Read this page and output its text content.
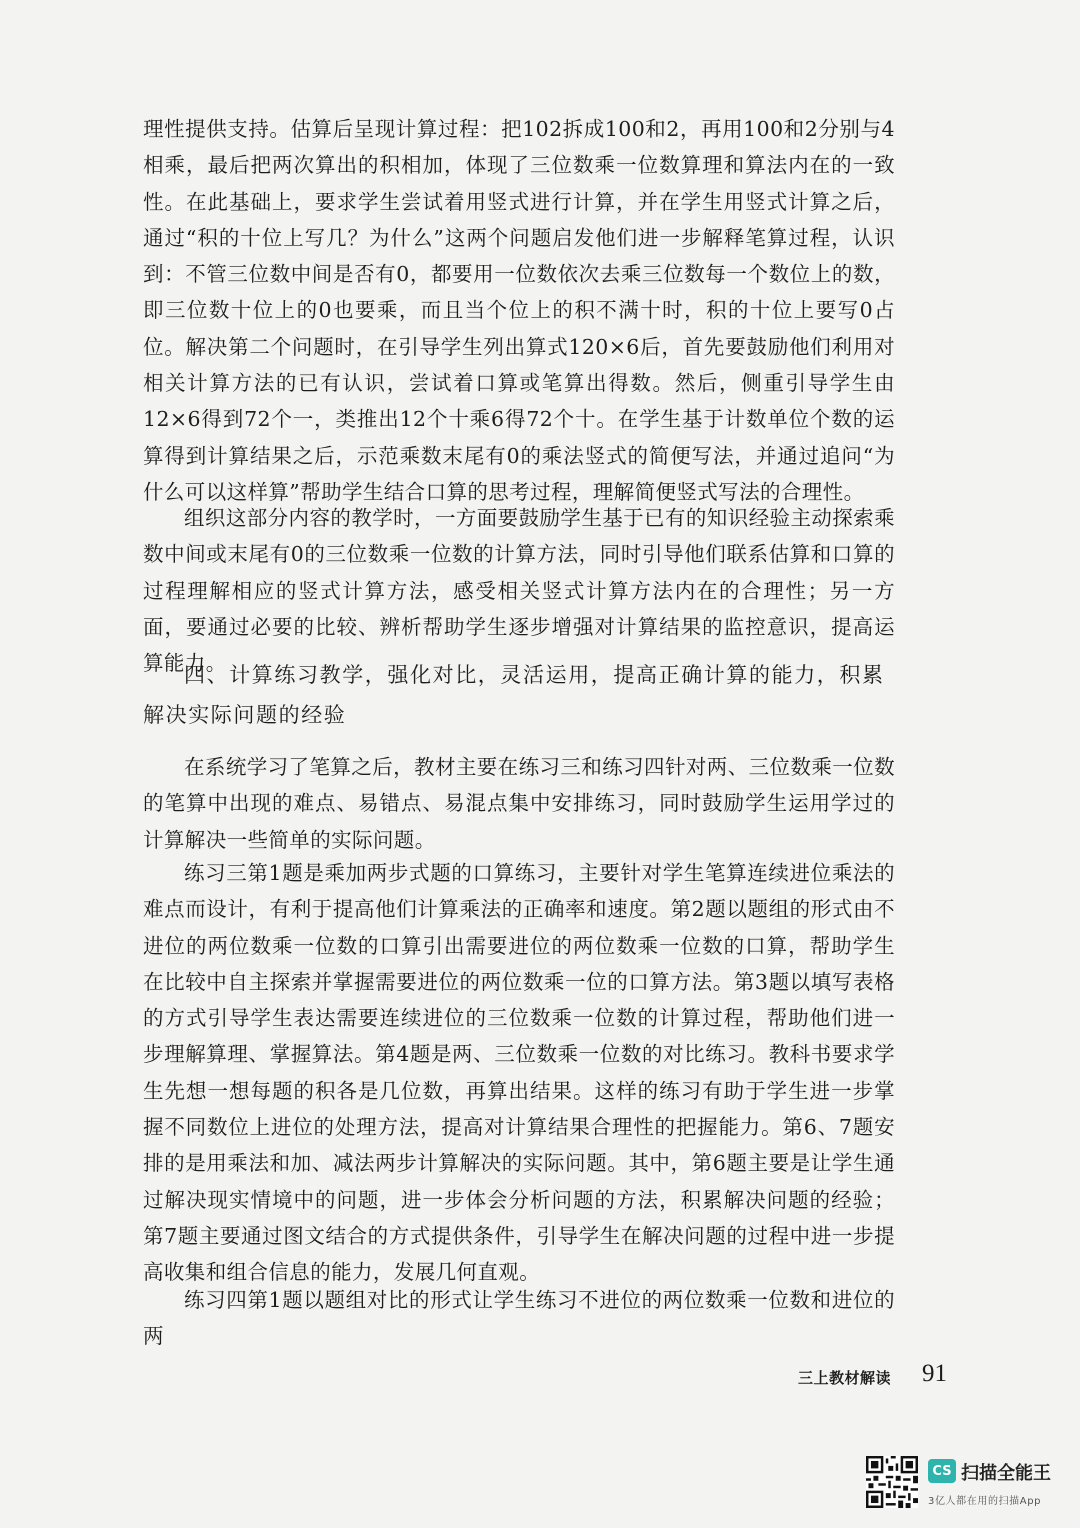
理性提供支持。估算后呈现计算过程：把102拆成100和2，再用100和2分别与4相乘，最后把两次算出的积相加，体现了三位数乘一位数算理和算法内在的一致性。在此基础上，要求学生尝试着用竖式进行计算，并在学生用竖式计算之后，通过“积的十位上写几？为什么”这两个问题启发他们进一步解释笔算过程，认识到：不管三位数中间是否有0，都要用一位数依次去乘三位数每一个数位上的数，即三位数十位上的0也要乘，而且当个位上的积不满十时，积的十位上要写0占位。解决第二个问题时，在引导学生列出算式120×6后，首先要鼓励他们利用对相关计算方法的已有认识，尝试着口算或笔算出得数。然后，侧重引导学生由12×6得到72个一，类推出12个十乘6得72个十。在学生基于计数单位个数的运算得到计算结果之后，示范乘数末尾有0的乘法竖式的简便写法，并通过追问“为什么可以这样算”帮助学生结合口算的思考过程，理解简便竖式写法的合理性。

组织这部分内容的教学时，一方面要鼓励学生基于已有的知识经验主动探索乘数中间或末尾有0的三位数乘一位数的计算方法，同时引导他们联系估算和口算的过程理解相应的竖式计算方法，感受相关竖式计算方法内在的合理性；另一方面，要通过必要的比较、辨析帮助学生逐步增强对计算结果的监控意识，提高运算能力。

四、计算练习教学，强化对比，灵活运用，提高正确计算的能力，积累解决实际问题的经验

在系统学习了笔算之后，教材主要在练习三和练习四针对两、三位数乘一位数的笔算中出现的难点、易错点、易混点集中安排练习，同时鼓励学生运用学过的计算解决一些简单的实际问题。

练习三第1题是乘加两步式题的口算练习，主要针对学生笔算连续进位乘法的难点而设计，有利于提高他们计算乘法的正确率和速度。第2题以题组的形式由不进位的两位数乘一位数的口算引出需要进位的两位数乘一位数的口算，帮助学生在比较中自主探索并掌握需要进位的两位数乘一位的口算方法。第3题以填写表格的方式引导学生表达需要连续进位的三位数乘一位数的计算过程，帮助他们进一步理解算理、掌握算法。第4题是两、三位数乘一位数的对比练习。教科书要求学生先想一想每题的积各是几位数，再算出结果。这样的练习有助于学生进一步掌握不同数位上进位的处理方法，提高对计算结果合理性的把握能力。第6、7题安排的是用乘法和加、减法两步计算解决的实际问题。其中，第6题主要是让学生通过解决现实情境中的问题，进一步体会分析问题的方法，积累解决问题的经验；第7题主要通过图文结合的方式提供条件，引导学生在解决问题的过程中进一步提高收集和组合信息的能力，发展几何直观。

练习四第1题以题组对比的形式让学生练习不进位的两位数乘一位数和进位的两

三上教材解读 91
CS 扫描全能王
3亿人都在用的扫描App
